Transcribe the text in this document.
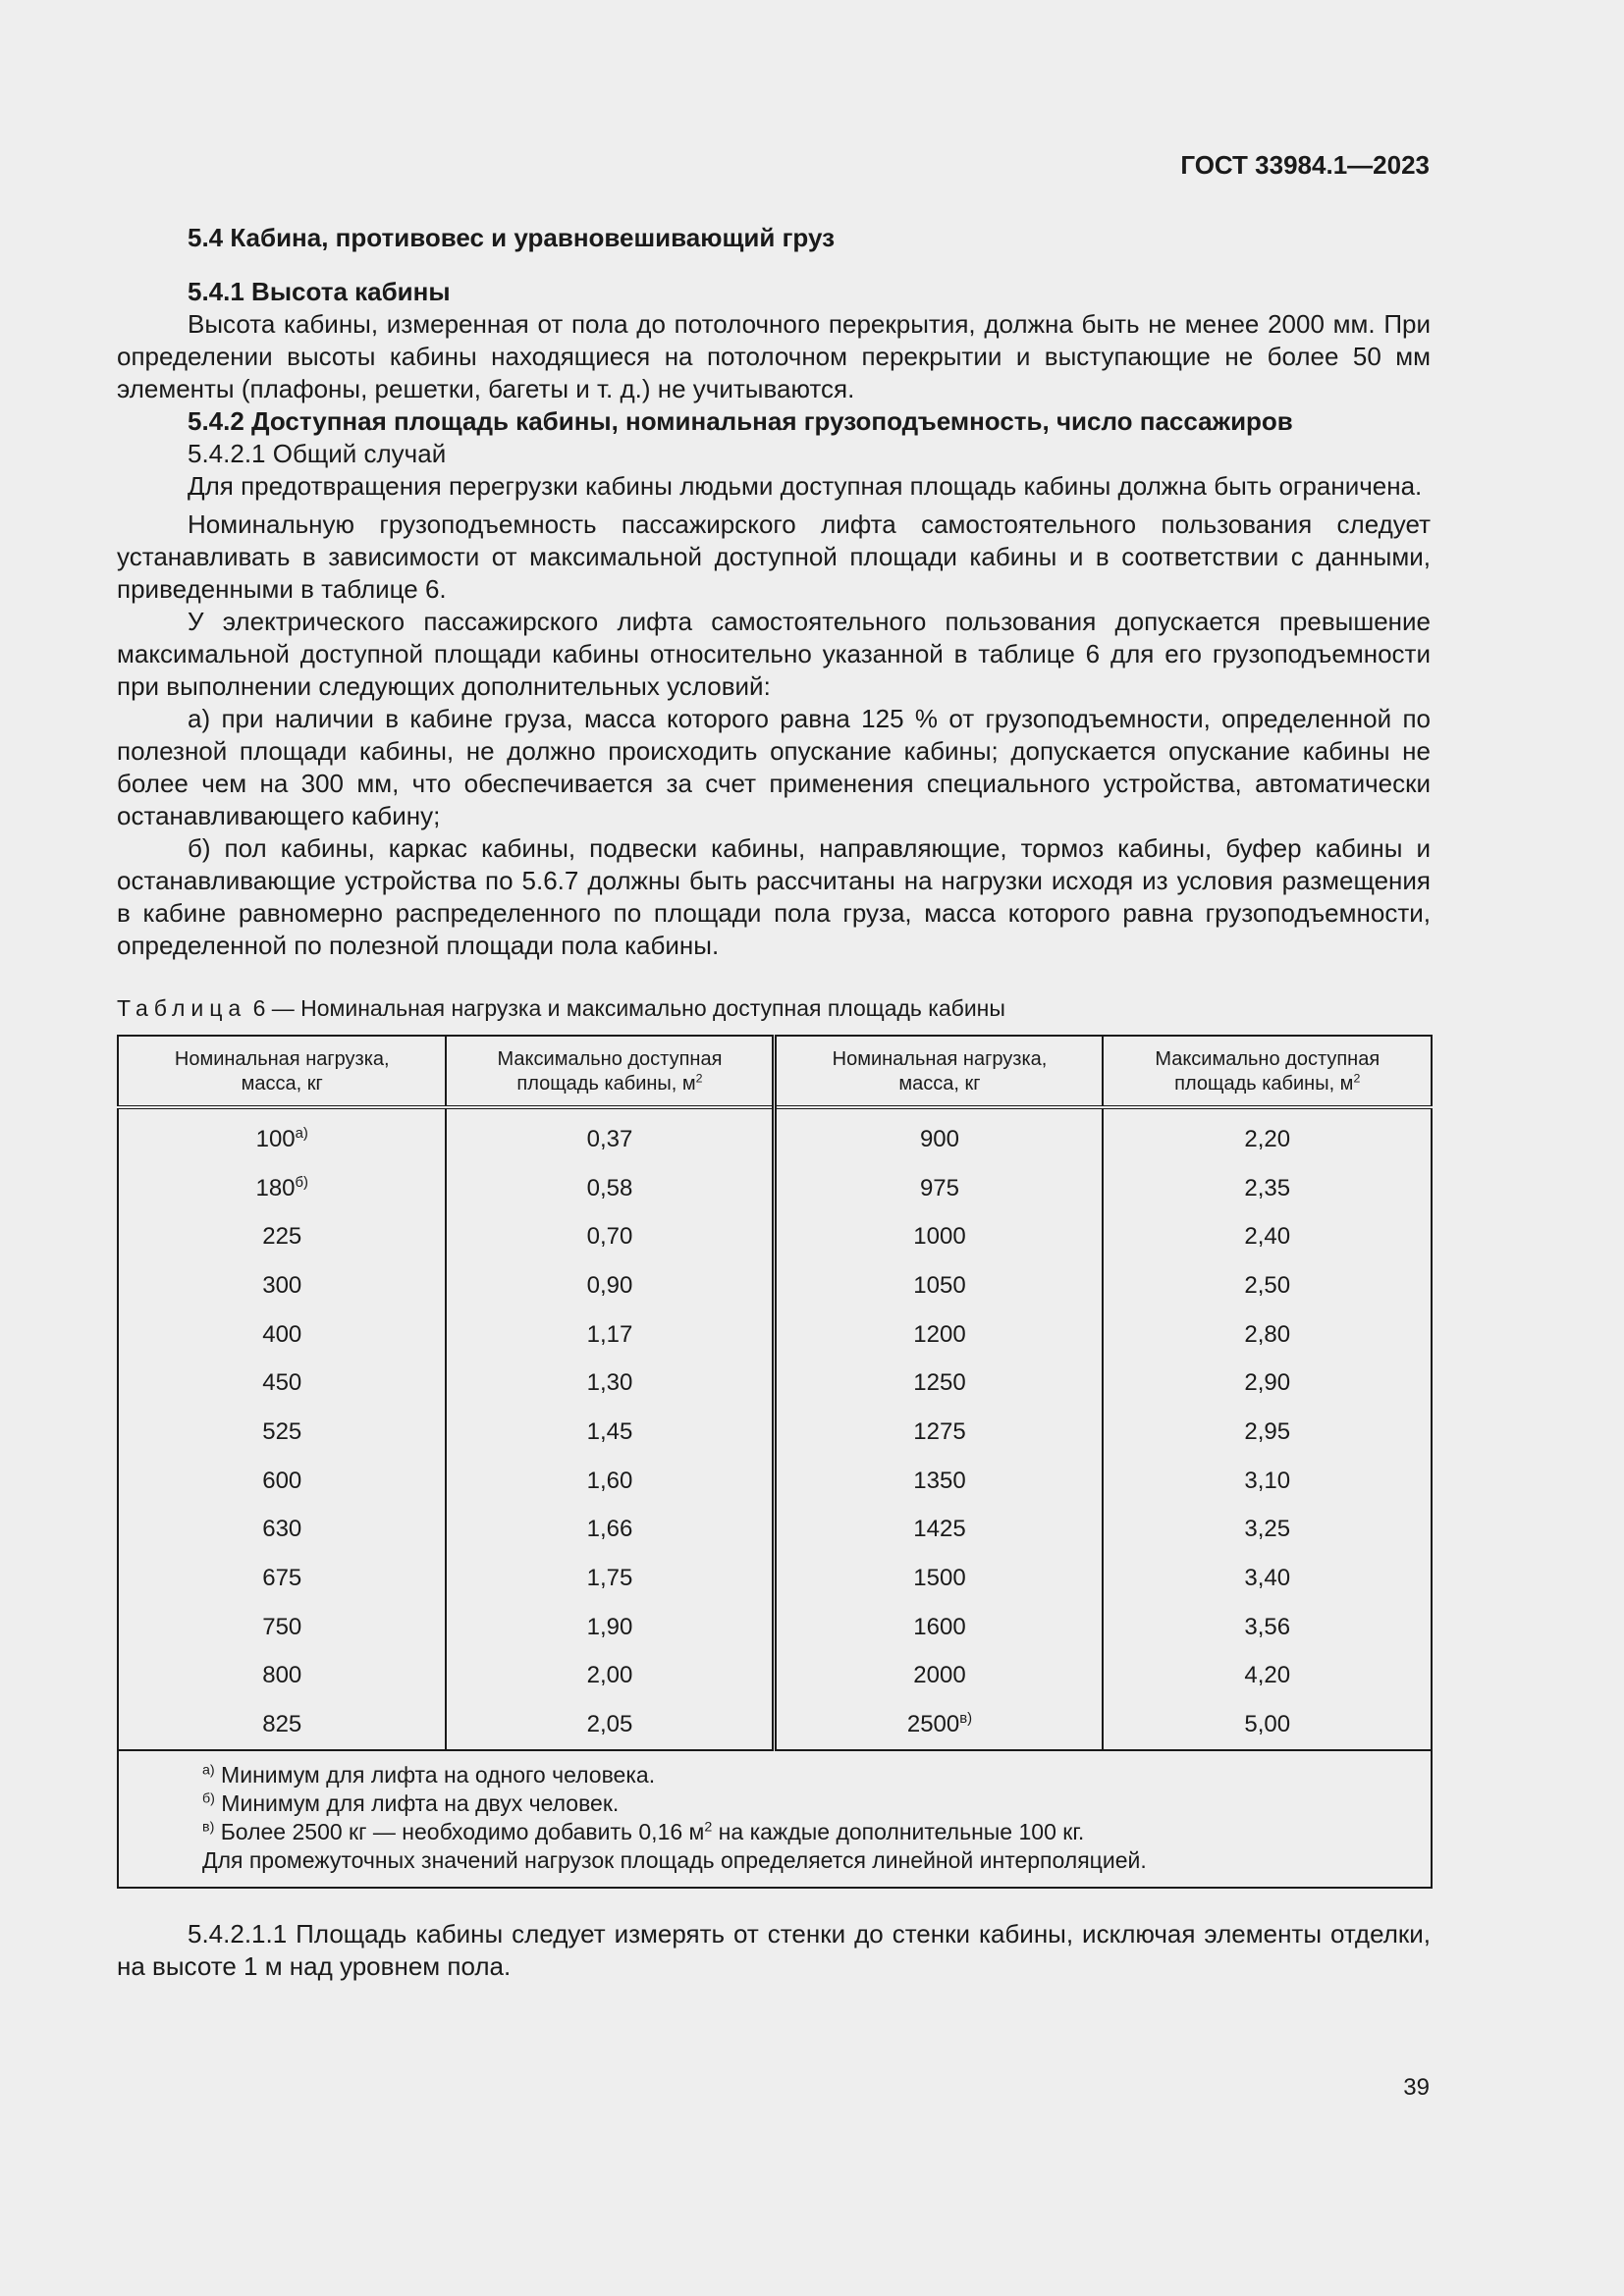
ГОСТ 33984.1—2023

5.4 Кабина, противовес и уравновешивающий груз

5.4.1 Высота кабины

Высота кабины, измеренная от пола до потолочного перекрытия, должна быть не менее 2000 мм. При определении высоты кабины находящиеся на потолочном перекрытии и выступающие не более 50 мм элементы (плафоны, решетки, багеты и т. д.) не учитываются.

5.4.2 Доступная площадь кабины, номинальная грузоподъемность, число пассажиров

5.4.2.1 Общий случай

Для предотвращения перегрузки кабины людьми доступная площадь кабины должна быть ограничена.

Номинальную грузоподъемность пассажирского лифта самостоятельного пользования следует устанавливать в зависимости от максимальной доступной площади кабины и в соответствии с данными, приведенными в таблице 6.

У электрического пассажирского лифта самостоятельного пользования допускается превышение максимальной доступной площади кабины относительно указанной в таблице 6 для его грузоподъемности при выполнении следующих дополнительных условий:

а) при наличии в кабине груза, масса которого равна 125 % от грузоподъемности, определенной по полезной площади кабины, не должно происходить опускание кабины; допускается опускание кабины не более чем на 300 мм, что обеспечивается за счет применения специального устройства, автоматически останавливающего кабину;

б) пол кабины, каркас кабины, подвески кабины, направляющие, тормоз кабины, буфер кабины и останавливающие устройства по 5.6.7 должны быть рассчитаны на нагрузки исходя из условия размещения в кабине равномерно распределенного по площади пола груза, масса которого равна грузоподъемности, определенной по полезной площади пола кабины.

Таблица 6 — Номинальная нагрузка и максимально доступная площадь кабины
Номинальная нагрузка,
масса, кг	Максимально доступная
площадь кабины, $м^2$	Номинальная нагрузка,
масса, кг	Максимально доступная
площадь кабины, $м^2$
$100^{а)}$	0,37	900	2,20
$180^{б)}$	0,58	975	2,35
225	0,70	1000	2,40
300	0,90	1050	2,50
400	1,17	1200	2,80
450	1,30	1250	2,90
525	1,45	1275	2,95
600	1,60	1350	3,10
630	1,66	1425	3,25
675	1,75	1500	3,40
750	1,90	1600	3,56
800	2,00	2000	4,20
825	2,05	$2500^{в)}$	5,00

$^{а)}$ Минимум для лифта на одного человека.
$^{б)}$ Минимум для лифта на двух человек.
$^{в)}$ Более 2500 кг — необходимо добавить 0,16 $м^2$ на каждые дополнительные 100 кг.
Для промежуточных значений нагрузок площадь определяется линейной интерполяцией.			

5.4.2.1.1 Площадь кабины следует измерять от стенки до стенки кабины, исключая элементы отделки, на высоте 1 м над уровнем пола.

39
